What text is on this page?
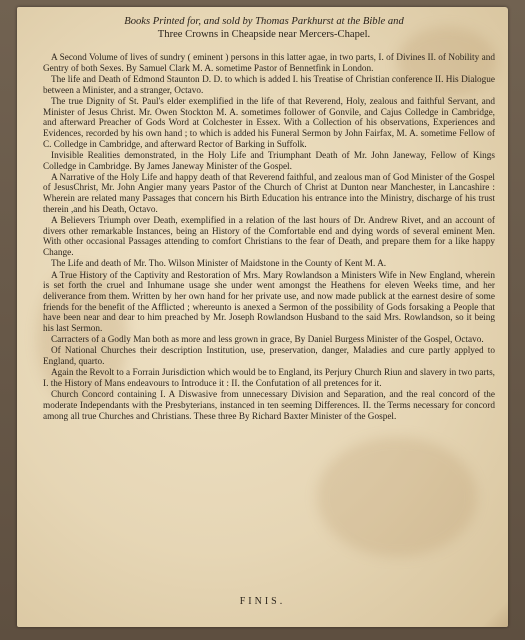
Books Printed for, and sold by Thomas Parkhurst at the Bible and
Three Crowns in Cheapside near Mercers-Chapel.

A Second Volume of lives of sundry ( eminent ) persons in this latter agae, in two parts, I. of Divines II. of Nobility and Gentry of both Sexes. By Samuel Clark M. A. sometime Pastor of Bennetfink in London.

The life and Death of Edmond Staunton D. D. to which is added I. his Treatise of Christian conference II. His Dialogue between a Minister, and a stranger, Octavo.

The true Dignity of St. Paul's elder exemplified in the life of that Reverend, Holy, zealous and faithful Servant, and Minister of Jesus Christ. Mr. Owen Stockton M. A. sometimes follower of Gonvile, and Cajus Colledge in Cambridge, and afterward Preacher of Gods Word at Colchester in Essex. With a Collection of his observations, Experiences and Evidences, recorded by his own hand ; to which is added his Funeral Sermon by John Fairfax, M. A. sometime Fellow of C. Colledge in Cambridge, and afterward Rector of Barking in Suffolk.

Invisible Realities demonstrated, in the Holy Life and Triumphant Death of Mr. John Janeway, Fellow of Kings Colledge in Cambridge. By James Janeway Minister of the Gospel.

A Narrative of the Holy Life and happy death of that Reverend faithful, and zealous man of God Minister of the Gospel of JesusChrist, Mr. John Angier many years Pastor of the Church of Christ at Dunton near Manchester, in Lancashire : Wherein are related many Passages that concern his Birth Education his entrance into the Ministry, discharge of his trust therein ,and his Death, Octavo.

A Believers Triumph over Death, exemplified in a relation of the last hours of Dr. Andrew Rivet, and an account of divers other remarkable Instances, being an History of the Comfortable end and dying words of several eminent Men. With other occasional Passages attending to comfort Christians to the fear of Death, and prepare them for a like happy Change.

The Life and death of Mr. Tho. Wilson Minister of Maidstone in the County of Kent M. A.

A True History of the Captivity and Restoration of Mrs. Mary Rowlandson a Ministers Wife in New England, wherein is set forth the cruel and Inhumane usage she under went amongst the Heathens for eleven Weeks time, and her deliverance from them. Written by her own hand for her private use, and now made publick at the earnest desire of some friends for the benefit of the Afflicted ; whereunto is anexed a Sermon of the possibility of Gods forsaking a People that have been near and dear to him preached by Mr. Joseph Rowlandson Husband to the said Mrs. Rowlandson, so it being his last Sermon.

Carracters of a Godly Man both as more and less grown in grace, By Daniel Burgess Minister of the Gospel, Octavo.

Of National Churches their description Institution, use, preservation, danger, Maladies and cure partly applyed to England, quarto.

Again the Revolt to a Forrain Jurisdiction which would be to England, its Perjury Church Riun and slavery in two parts, I. the History of Mans endeavours to Introduce it : II. the Confutation of all pretences for it.

Church Concord containing I. A Diswasive from unnecessary Division and Separation, and the real concord of the moderate Independants with the Presbyterians, instanced in ten seeming Differences. II. the Terms necessary for concord among all true Churches and Christians. These three By Richard Baxter Minister of the Gospel.

FINIS.
